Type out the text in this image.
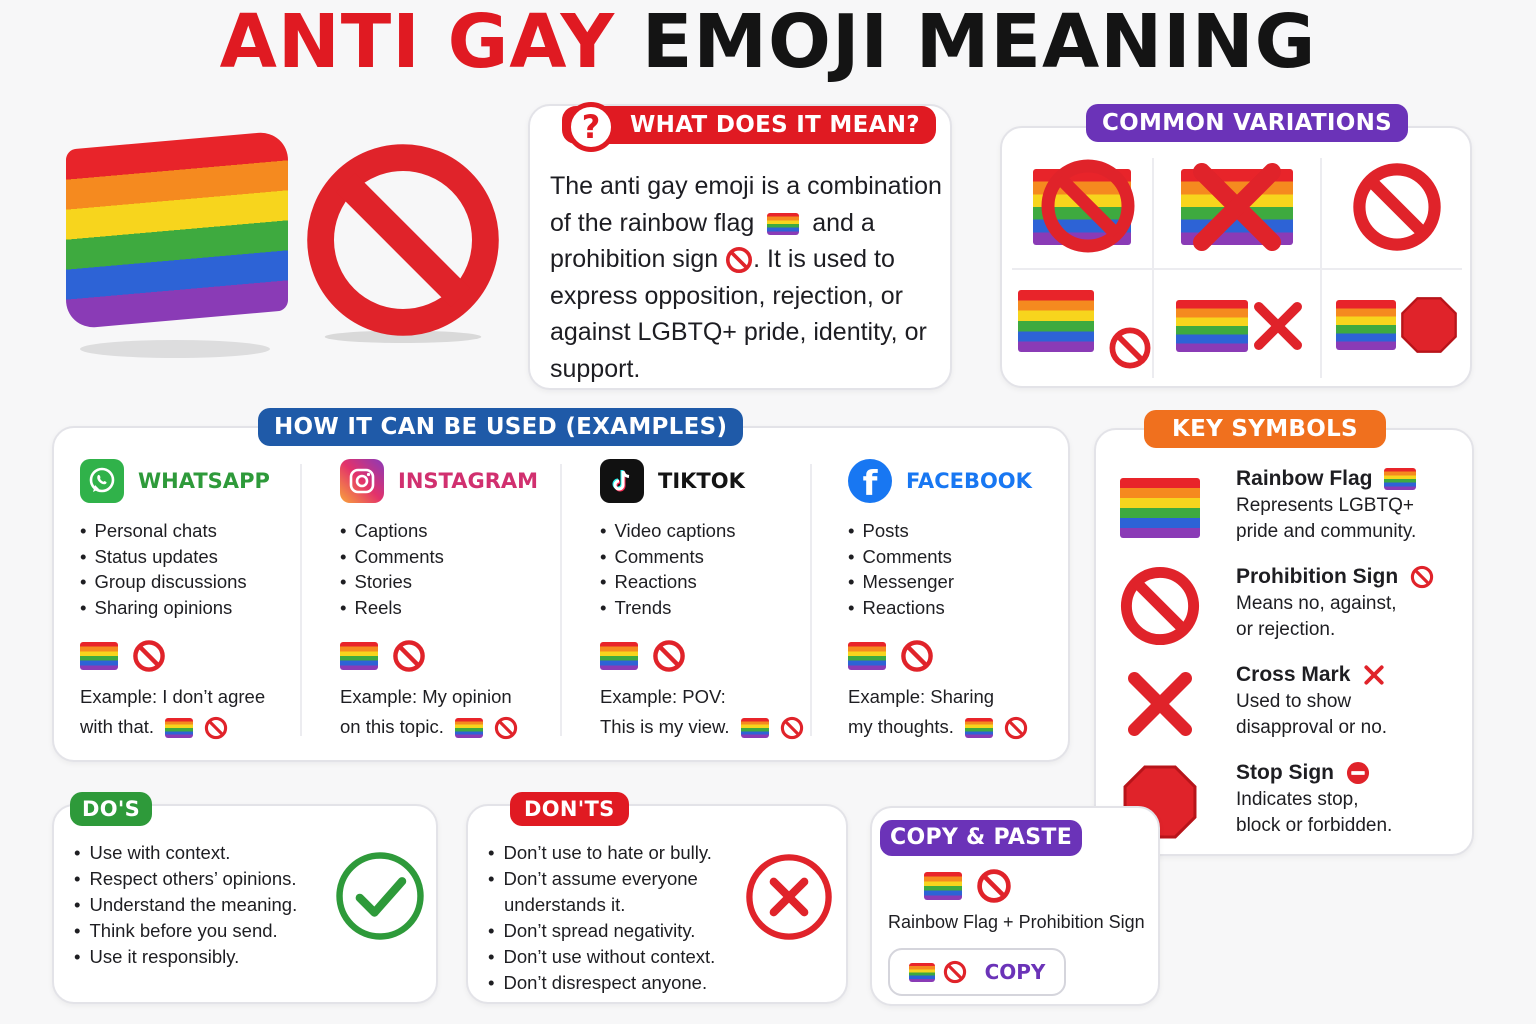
ANTI GAY EMOJI MEANING
WHAT DOES IT MEAN?
?
The anti gay emoji is a combination of the rainbow flag and a prohibition sign . It is used to express opposition, rejection, or against LGBTQ+ pride, identity, or support.
COMMON VARIATIONS
HOW IT CAN BE USED (EXAMPLES)
WHATSAPP
• Personal chats
• Status updates
• Group discussions
• Sharing opinions
Example: I don’t agree
with that.
INSTAGRAM
• Captions
• Comments
• Stories
• Reels
Example: My opinion
on this topic.
TIKTOK
• Video captions
• Comments
• Reactions
• Trends
Example: POV:
This is my view.
f FACEBOOK
• Posts
• Comments
• Messenger
• Reactions
Example: Sharing
my thoughts.
KEY SYMBOLS
Rainbow Flag
Represents LGBTQ+
pride and community.
Prohibition Sign
Means no, against,
or rejection.
Cross Mark
Used to show
disapproval or no.
Stop Sign
Indicates stop,
block or forbidden.
DO'S
• Use with context.
• Respect others’ opinions.
• Understand the meaning.
• Think before you send.
• Use it responsibly.
DON'TS
• Don’t use to hate or bully.
• Don’t assume everyone understands it.
• Don’t spread negativity.
• Don’t use without context.
• Don’t disrespect anyone.
COPY & PASTE
Rainbow Flag + Prohibition Sign
COPY
